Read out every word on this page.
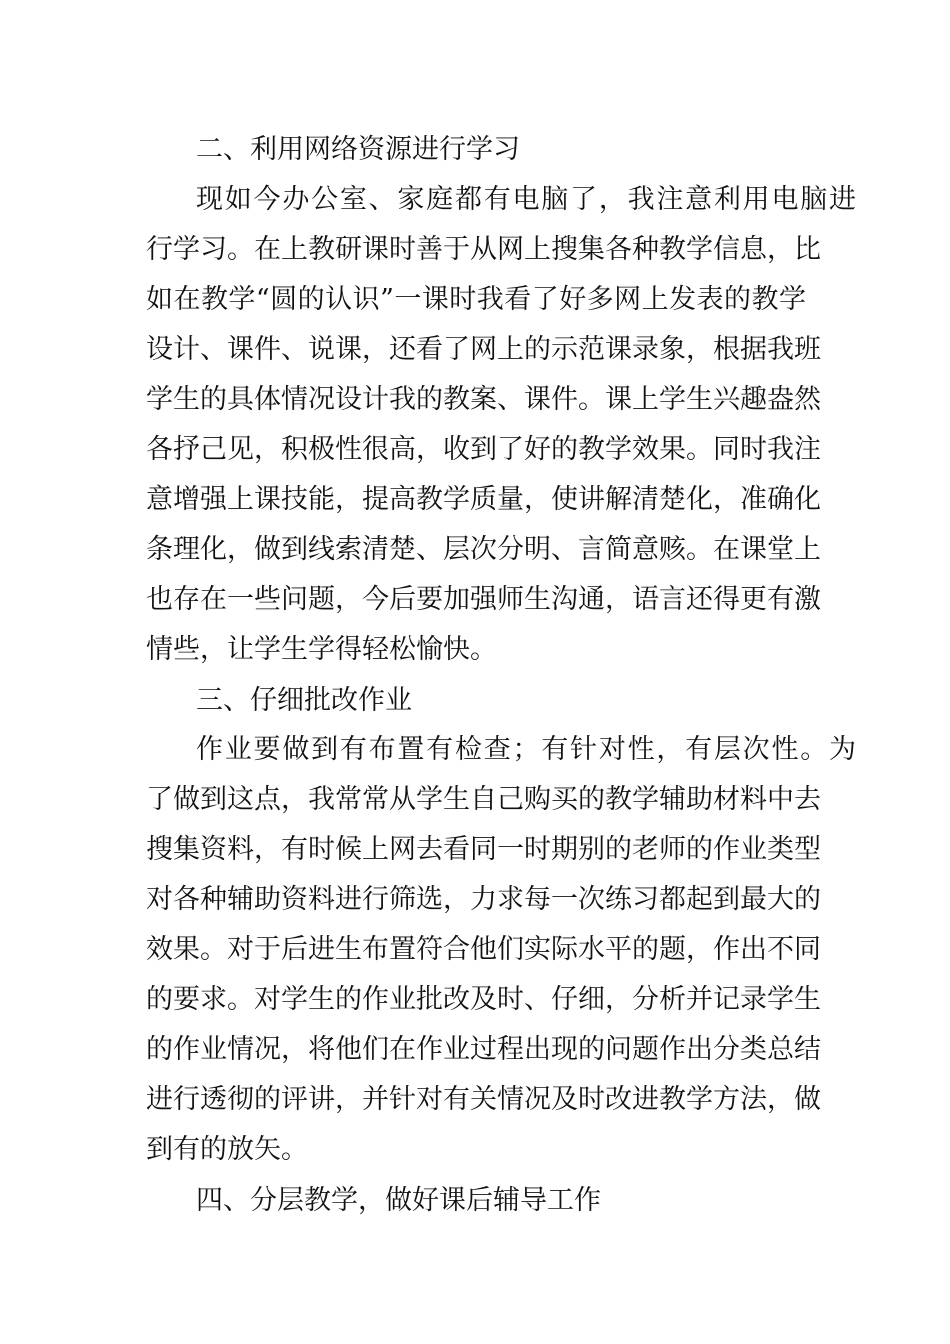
二、利用网络资源进行学习
现如今办公室、家庭都有电脑了，我注意利用电脑进
行学习。在上教研课时善于从网上搜集各种教学信息，比
如在教学“圆的认识”一课时我看了好多网上发表的教学
设计、课件、说课，还看了网上的示范课录象，根据我班
学生的具体情况设计我的教案、课件。课上学生兴趣盎然
各抒己见，积极性很高，收到了好的教学效果。同时我注
意增强上课技能，提高教学质量，使讲解清楚化，准确化
条理化，做到线索清楚、层次分明、言简意赅。在课堂上
也存在一些问题，今后要加强师生沟通，语言还得更有激
情些，让学生学得轻松愉快。
三、仔细批改作业
作业要做到有布置有检查；有针对性，有层次性。为
了做到这点，我常常从学生自己购买的教学辅助材料中去
搜集资料，有时候上网去看同一时期别的老师的作业类型
对各种辅助资料进行筛选，力求每一次练习都起到最大的
效果。对于后进生布置符合他们实际水平的题，作出不同
的要求。对学生的作业批改及时、仔细，分析并记录学生
的作业情况，将他们在作业过程出现的问题作出分类总结
进行透彻的评讲，并针对有关情况及时改进教学方法，做
到有的放矢。
四、分层教学，做好课后辅导工作
